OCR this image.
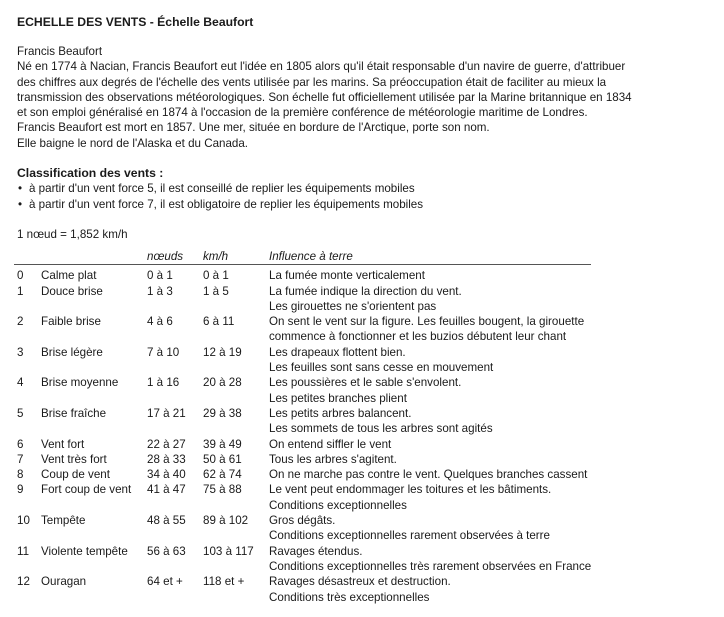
ECHELLE DES VENTS - Échelle Beaufort

Francis Beaufort

Né en 1774 à Nacian, Francis Beaufort eut l'idée en 1805 alors qu'il était responsable d'un navire de guerre, d'attribuer

des chiffres aux degrés de l'échelle des vents utilisée par les marins. Sa préoccupation était de faciliter au mieux la

transmission des observations météorologiques. Son échelle fut officiellement utilisée par la Marine britannique en 1834

et son emploi généralisé en 1874 à l'occasion de la première conférence de météorologie maritime de Londres.

Francis Beaufort est mort en 1857. Une mer, située en bordure de l'Arctique, porte son nom.

Elle baigne le nord de l'Alaska et du Canada.

Classification des vents :
• à partir d'un vent force 5, il est conseillé de replier les équipements mobiles
• à partir d'un vent force 7, il est obligatoire de replier les équipements mobiles

1 nœud = 1,852 km/h

		nœuds	km/h	Influence à terre
0	Calme plat	0 à 1	0 à 1	La fumée monte verticalement
1	Douce brise	1 à 3	1 à 5	La fumée indique la direction du vent.
				Les girouettes ne s'orientent pas
2	Faible brise	4 à 6	6 à 11	On sent le vent sur la figure. Les feuilles bougent, la girouette
				commence à fonctionner et les buzios débutent leur chant
3	Brise légère	7 à 10	12 à 19	Les drapeaux flottent bien.
				Les feuilles sont sans cesse en mouvement
4	Brise moyenne	1 à 16	20 à 28	Les poussières et le sable s'envolent.
				Les petites branches plient
5	Brise fraîche	17 à 21	29 à 38	Les petits arbres balancent.
				Les sommets de tous les arbres sont agités
6	Vent fort	22 à 27	39 à 49	On entend siffler le vent
7	Vent très fort	28 à 33	50 à 61	Tous les arbres s'agitent.
8	Coup de vent	34 à 40	62 à 74	On ne marche pas contre le vent. Quelques branches cassent
9	Fort coup de vent	41 à 47	75 à 88	Le vent peut endommager les toitures et les bâtiments.
				Conditions exceptionnelles
10	Tempête	48 à 55	89 à 102	Gros dégâts.
				Conditions exceptionnelles rarement observées à terre
11	Violente tempête	56 à 63	103 à 117	Ravages étendus.
				Conditions exceptionnelles très rarement observées en France
12	Ouragan	64 et +	118 et +	Ravages désastreux et destruction.
				Conditions très exceptionnelles
